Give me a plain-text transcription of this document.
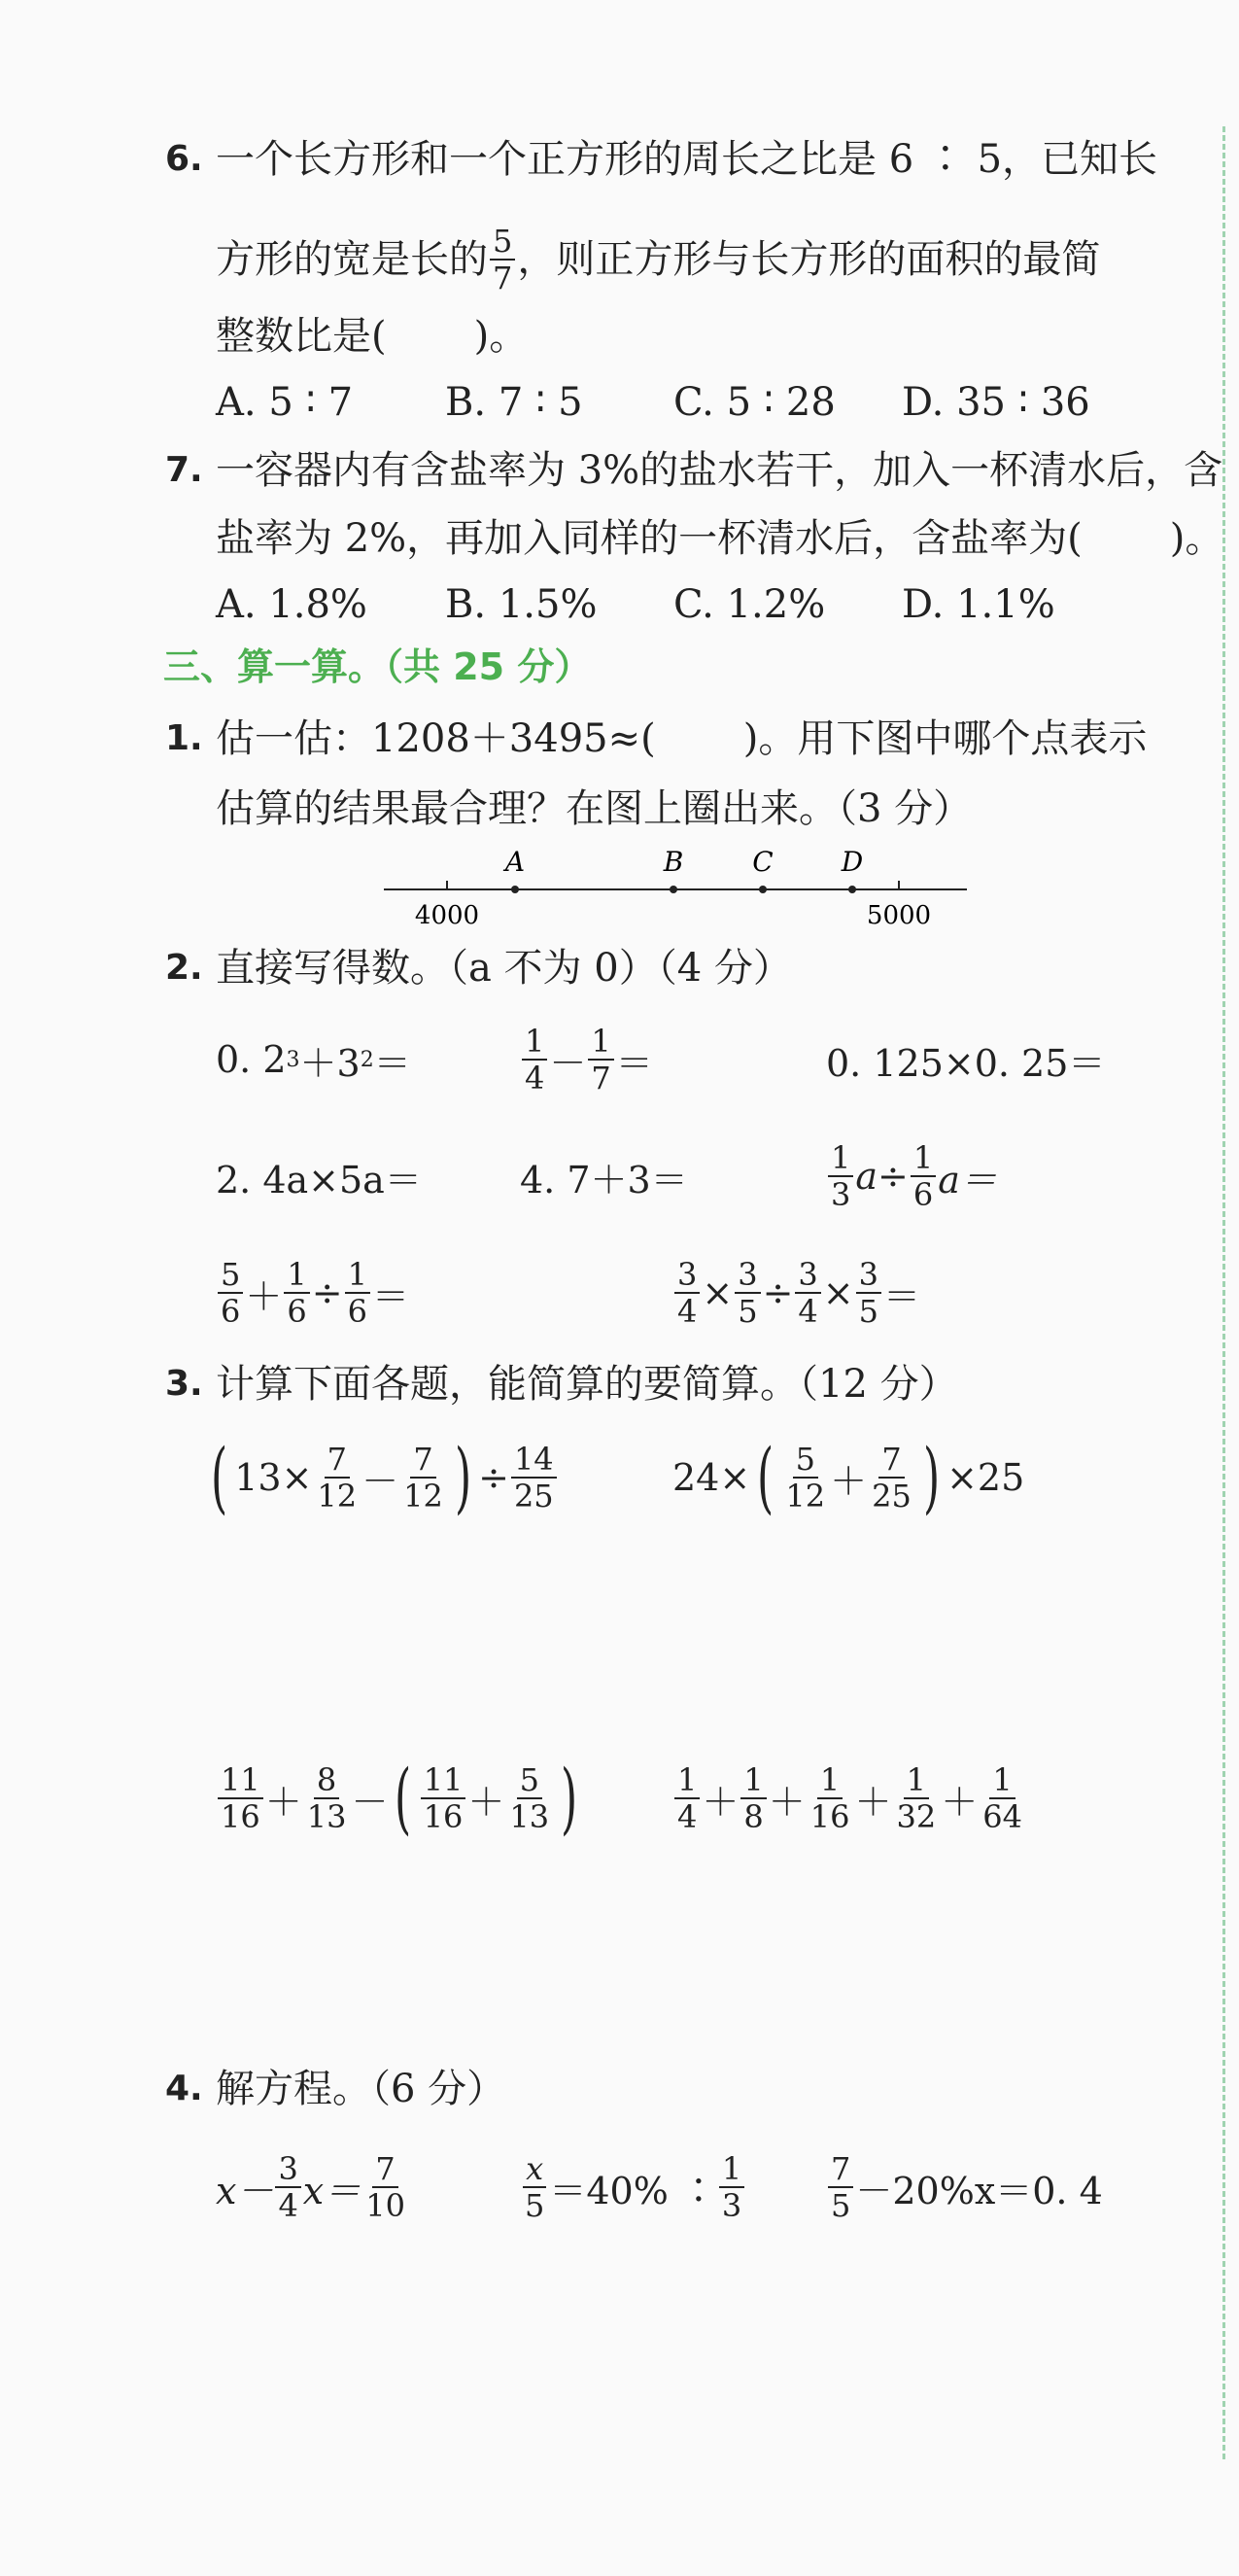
6. 一个长方形和一个正方形的周长之比是 6 ∶ 5，已知长
方形的宽是长的 $\frac{5}{7}$ ，则正方形与长方形的面积的最简
整数比是( )。
A. 5 ∶ 7 B. 7 ∶ 5 C. 5 ∶ 28 D. 35 ∶ 36
7. 一容器内有含盐率为 3%的盐水若干，加入一杯清水后，含
盐率为 2%，再加入同样的一杯清水后，含盐率为( )。
A. 1.8% B. 1.5% C. 1.2% D. 1.1%
三、算一算。（共 25 分）
1. 估一估：1208＋3495≈( )。用下图中哪个点表示
估算的结果最合理？在图上圈出来。（3 分）
A	B	C	D
4000	5000
2. 直接写得数。（a 不为 0）（4 分）
0. 2 3 ＋3 2 ＝	$\frac{1}{4} - \frac{1}{7}$ ＝	0. 125×0. 25＝
2. 4a×5a＝	4. 7＋3＝	$\frac{1}{3}$ $a \div \frac{1}{6} a=$
$\frac{5}{6} + \frac{1}{6} \div \frac{1}{6}$ ＝	$\frac{3}{4} \times \frac{3}{5} \div \frac{3}{4} \times \frac{3}{5}$ ＝
3. 计算下面各题，能简算的要简算。（12 分）
( $13\times \frac{7}{12} - \frac{7}{12}$ ) ÷ $\frac{14}{25}$	24× ( $\frac{5}{12} + \frac{7}{25}$ ) ×25
$\frac{11}{16} + \frac{8}{13}$ － ( $\frac{11}{16} + \frac{5}{13}$ )	$\frac{1}{4} + \frac{1}{8} + \frac{1}{16} + \frac{1}{32} + \frac{1}{64}$
4. 解方程。（6 分）
$x- \frac{3}{4} x= \frac{7}{10}$	$\frac{x}{5} =40\%$ ∶ $\frac{1}{3}$	$\frac{7}{5} -20\%x=0$. 4
